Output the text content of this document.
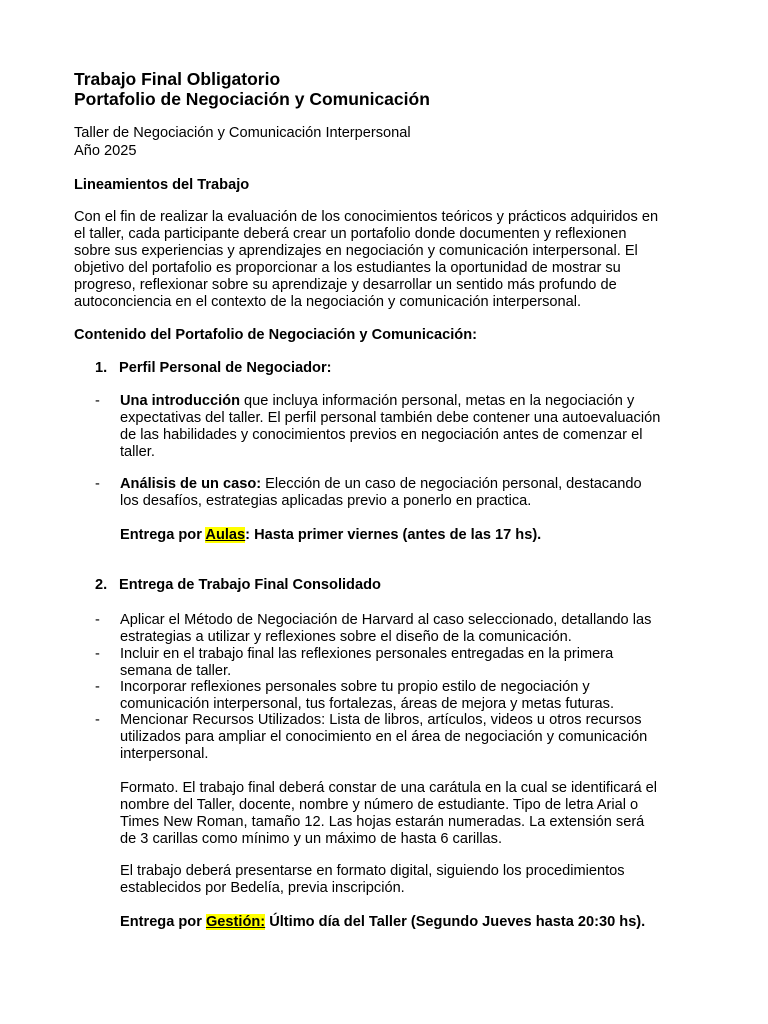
Trabajo Final Obligatorio
Portafolio de Negociación y Comunicación
Taller de Negociación y Comunicación Interpersonal
Año 2025
Lineamientos del Trabajo
Con el fin de realizar la evaluación de los conocimientos teóricos y prácticos adquiridos en
el taller, cada participante deberá crear un portafolio donde documenten y reflexionen
sobre sus experiencias y aprendizajes en negociación y comunicación interpersonal. El
objetivo del portafolio es proporcionar a los estudiantes la oportunidad de mostrar su
progreso, reflexionar sobre su aprendizaje y desarrollar un sentido más profundo de
autoconciencia en el contexto de la negociación y comunicación interpersonal.
Contenido del Portafolio de Negociación y Comunicación:
1. Perfil Personal de Negociador:
- Una introducción que incluya información personal, metas en la negociación y
expectativas del taller. El perfil personal también debe contener una autoevaluación
de las habilidades y conocimientos previos en negociación antes de comenzar el
taller.
- Análisis de un caso: Elección de un caso de negociación personal, destacando
los desafíos, estrategias aplicadas previo a ponerlo en practica.
Entrega por Aulas: Hasta primer viernes (antes de las 17 hs).
2. Entrega de Trabajo Final Consolidado
- Aplicar el Método de Negociación de Harvard al caso seleccionado, detallando las
estrategias a utilizar y reflexiones sobre el diseño de la comunicación.
- Incluir en el trabajo final las reflexiones personales entregadas en la primera
semana de taller.
- Incorporar reflexiones personales sobre tu propio estilo de negociación y
comunicación interpersonal, tus fortalezas, áreas de mejora y metas futuras.
- Mencionar Recursos Utilizados: Lista de libros, artículos, videos u otros recursos
utilizados para ampliar el conocimiento en el área de negociación y comunicación
interpersonal.
Formato. El trabajo final deberá constar de una carátula en la cual se identificará el
nombre del Taller, docente, nombre y número de estudiante. Tipo de letra Arial o
Times New Roman, tamaño 12. Las hojas estarán numeradas. La extensión será
de 3 carillas como mínimo y un máximo de hasta 6 carillas.
El trabajo deberá presentarse en formato digital, siguiendo los procedimientos
establecidos por Bedelía, previa inscripción.
Entrega por Gestión: Último día del Taller (Segundo Jueves hasta 20:30 hs).
